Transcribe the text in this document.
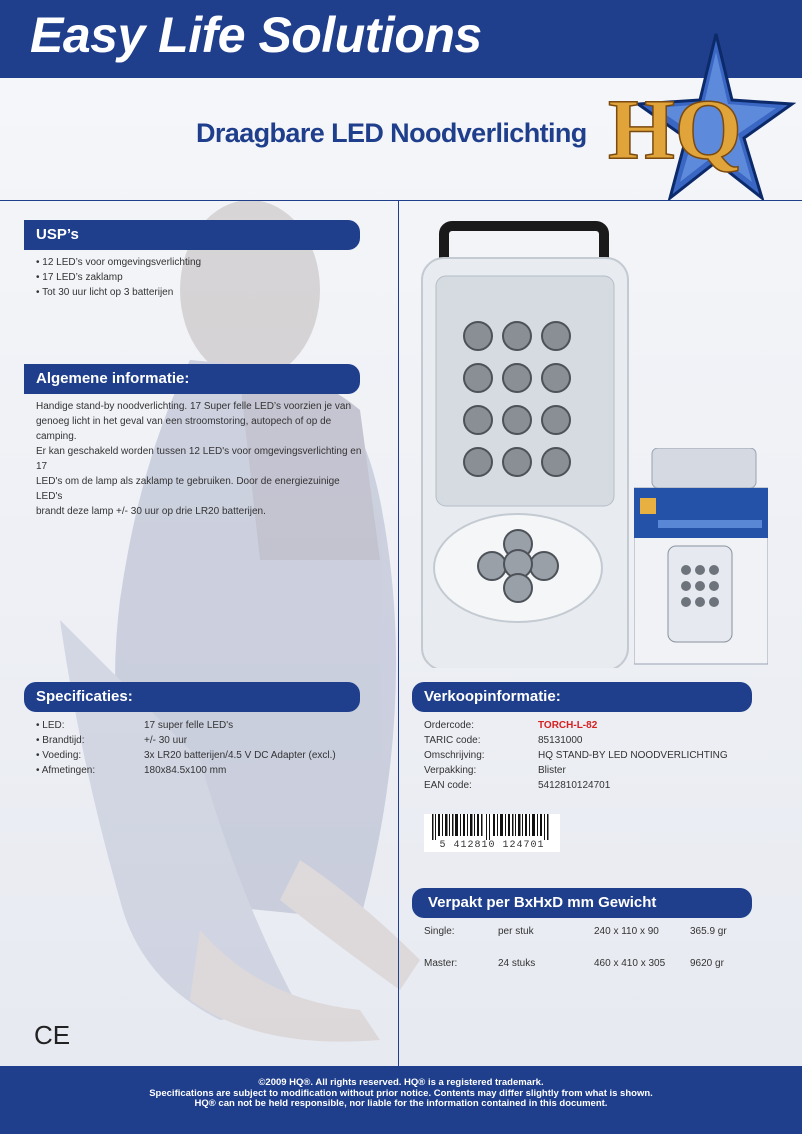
Easy Life Solutions
Draagbare LED Noodverlichting HQ
USP’s
• 12 LED’s voor omgevingsverlichting
• 17 LED’s zaklamp
• Tot 30 uur licht op 3 batterijen
Algemene informatie:
Handige stand-by noodverlichting. 17 Super felle LED’s voorzien je van
genoeg licht in het geval van een stroomstoring, autopech of op de camping.
Er kan geschakeld worden tussen 12 LED's voor omgevingsverlichting en 17
LED's om de lamp als zaklamp te gebruiken. Door de energiezuinige LED's
brandt deze lamp +/- 30 uur op drie LR20 batterijen.
Specificaties:
• LED:	17 super felle LED's
• Brandtijd:	+/- 30 uur
• Voeding:	3x LR20 batterijen/4.5 V DC Adapter (excl.)
• Afmetingen:	180x84.5x100 mm
Verkoopinformatie:
Ordercode:	TORCH-L-82
TARIC code:	85131000
Omschrijving:	HQ STAND-BY LED NOODVERLICHTING
Verpakking:	Blister
EAN code:	5412810124701
5 412810 124701
Verpakt per BxHxD mm Gewicht
Single:	per stuk	240 x 110 x 90	365.9 gr
Master:	24 stuks	460 x 410 x 305	9620 gr
CE
©2009 HQ®. All rights reserved. HQ® is a registered trademark.
Specifications are subject to modification without prior notice. Contents may differ slightly from what is shown.
HQ® can not be held responsible, nor liable for the information contained in this document.
